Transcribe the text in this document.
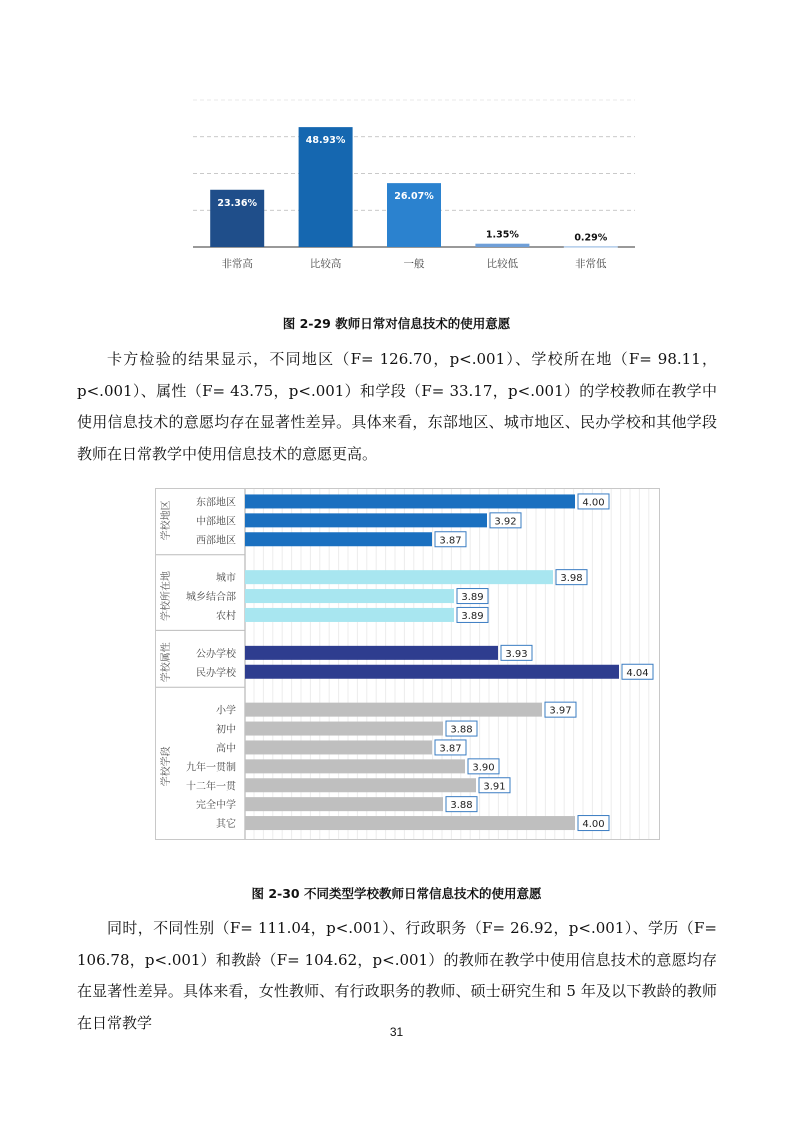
23.36%
非常高
48.93%
比较高
26.07%
一般
1.35%
比较低
0.29%
非常低
图 2-29 教师日常对信息技术的使用意愿

卡方检验的结果显示，不同地区（F= 126.70，p<.001）、学校所在地（F= 98.11，p<.001）、属性（F= 43.75，p<.001）和学段（F= 33.17，p<.001）的学校教师在教学中使用信息技术的意愿均存在显著性差异。具体来看，东部地区、城市地区、民办学校和其他学段教师在日常教学中使用信息技术的意愿更高。

4.00
东部地区
3.92
中部地区
3.87
西部地区
学校地区
3.98
城市
3.89
城乡结合部
3.89
农村
学校所在地
3.93
公办学校
4.04
民办学校
学校属性
3.97
小学
3.88
初中
3.87
高中
3.90
九年一贯制
3.91
十二年一贯
3.88
完全中学
4.00
其它
学校学段
图 2-30 不同类型学校教师日常信息技术的使用意愿

同时，不同性别（F= 111.04，p<.001）、行政职务（F= 26.92，p<.001）、学历（F= 106.78，p<.001）和教龄（F= 104.62，p<.001）的教师在教学中使用信息技术的意愿均存在显著性差异。具体来看，女性教师、有行政职务的教师、硕士研究生和 5 年及以下教龄的教师在日常教学

31
